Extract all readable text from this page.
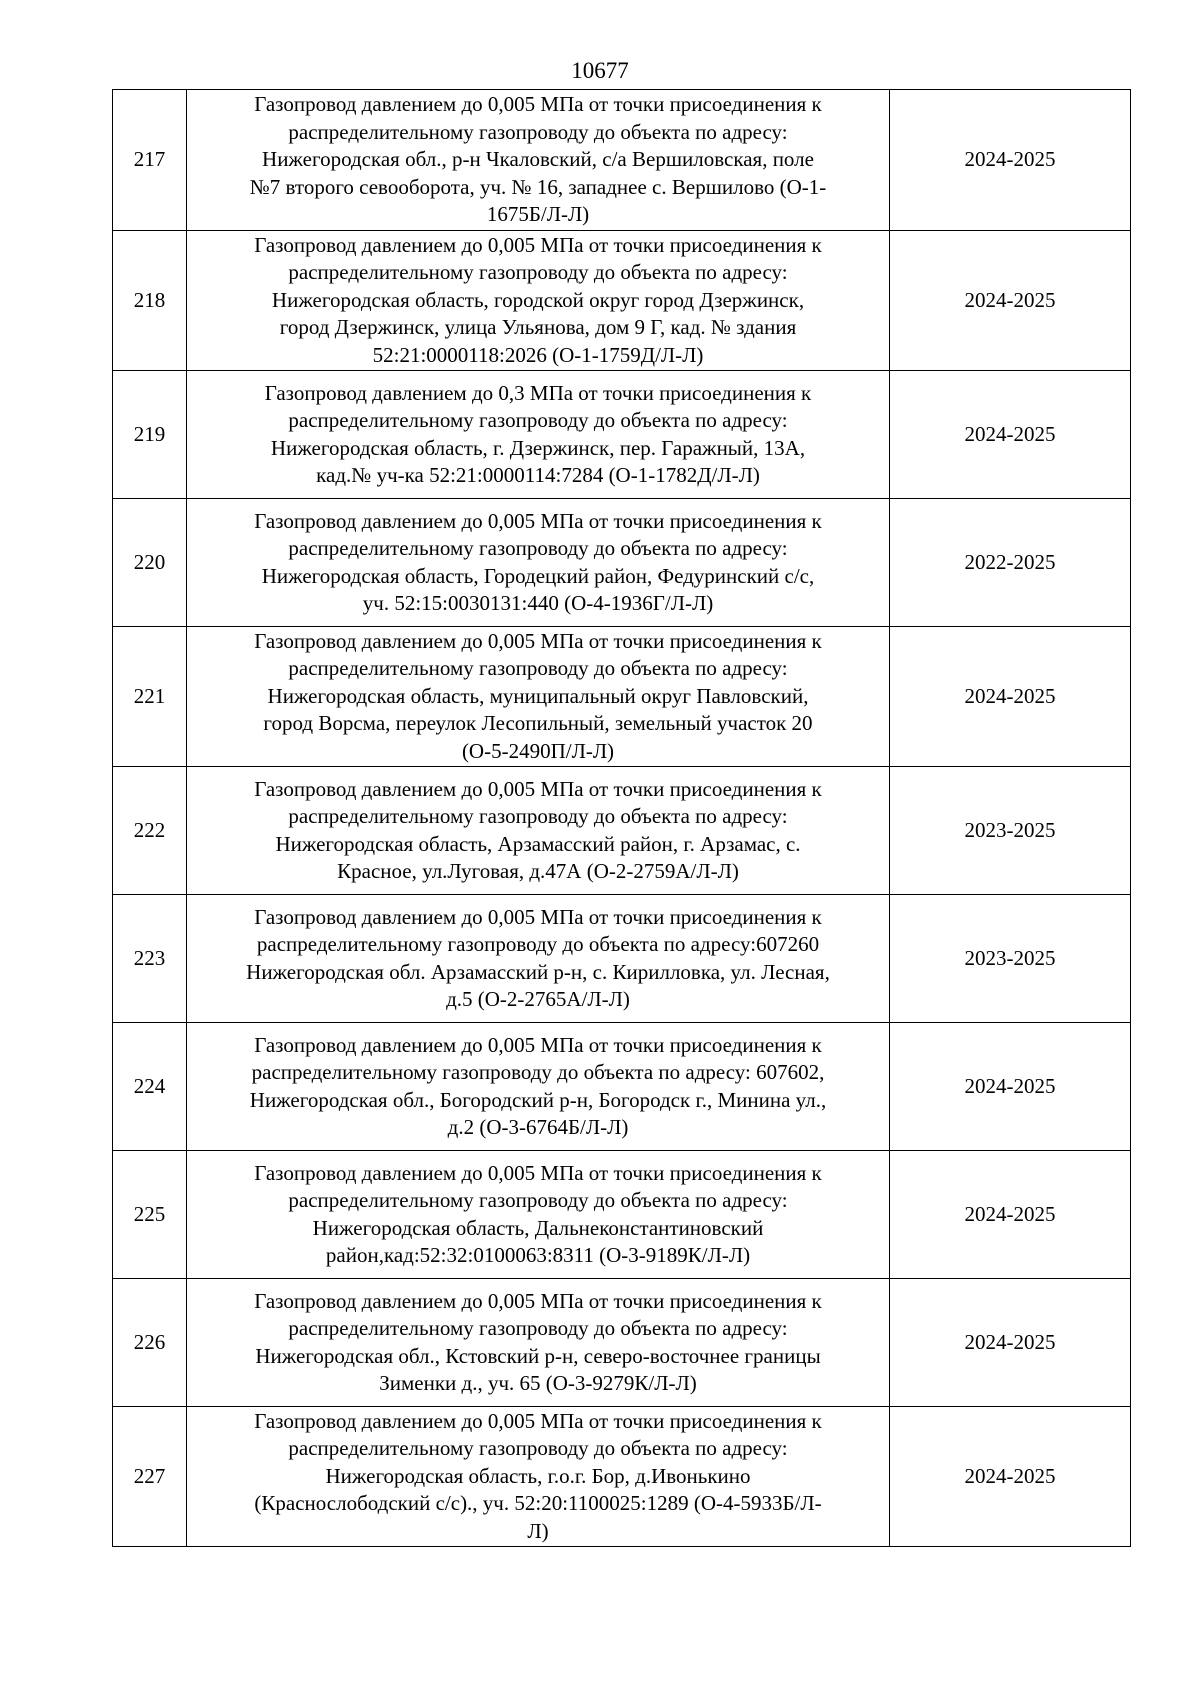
10677
217	Газопровод давлением до 0,005 МПа от точки присоединения к
распределительному газопроводу до объекта по адресу:
Нижегородская обл., р-н Чкаловский, с/а Вершиловская, поле
№7 второго севооборота, уч. № 16, западнее с. Вершилово (О-1-
1675Б/Л-Л)	2024-2025
218	Газопровод давлением до 0,005 МПа от точки присоединения к
распределительному газопроводу до объекта по адресу:
Нижегородская область, городской округ город Дзержинск,
город Дзержинск, улица Ульянова, дом 9 Г, кад. № здания
52:21:0000118:2026 (О-1-1759Д/Л-Л)	2024-2025
219	Газопровод давлением до 0,3 МПа от точки присоединения к
распределительному газопроводу до объекта по адресу:
Нижегородская область, г. Дзержинск, пер. Гаражный, 13А,
кад.№ уч-ка 52:21:0000114:7284 (О-1-1782Д/Л-Л)	2024-2025
220	Газопровод давлением до 0,005 МПа от точки присоединения к
распределительному газопроводу до объекта по адресу:
Нижегородская область, Городецкий район, Федуринский с/с,
уч. 52:15:0030131:440 (О-4-1936Г/Л-Л)	2022-2025
221	Газопровод давлением до 0,005 МПа от точки присоединения к
распределительному газопроводу до объекта по адресу:
Нижегородская область, муниципальный округ Павловский,
город Ворсма, переулок Лесопильный, земельный участок 20
(О-5-2490П/Л-Л)	2024-2025
222	Газопровод давлением до 0,005 МПа от точки присоединения к
распределительному газопроводу до объекта по адресу:
Нижегородская область, Арзамасский район, г. Арзамас, с.
Красное, ул.Луговая, д.47А (О-2-2759А/Л-Л)	2023-2025
223	Газопровод давлением до 0,005 МПа от точки присоединения к
распределительному газопроводу до объекта по адресу:607260
Нижегородская обл. Арзамасский р-н, с. Кирилловка, ул. Лесная,
д.5 (О-2-2765А/Л-Л)	2023-2025
224	Газопровод давлением до 0,005 МПа от точки присоединения к
распределительному газопроводу до объекта по адресу: 607602,
Нижегородская обл., Богородский р-н, Богородск г., Минина ул.,
д.2 (О-3-6764Б/Л-Л)	2024-2025
225	Газопровод давлением до 0,005 МПа от точки присоединения к
распределительному газопроводу до объекта по адресу:
Нижегородская область, Дальнеконстантиновский
район,кад:52:32:0100063:8311 (О-3-9189К/Л-Л)	2024-2025
226	Газопровод давлением до 0,005 МПа от точки присоединения к
распределительному газопроводу до объекта по адресу:
Нижегородская обл., Кстовский р-н, северо-восточнее границы
Зименки д., уч. 65 (О-3-9279К/Л-Л)	2024-2025
227	Газопровод давлением до 0,005 МПа от точки присоединения к
распределительному газопроводу до объекта по адресу:
Нижегородская область, г.о.г. Бор, д.Ивонькино
(Краснослободский с/с)., уч. 52:20:1100025:1289 (О-4-5933Б/Л-
Л)	2024-2025
